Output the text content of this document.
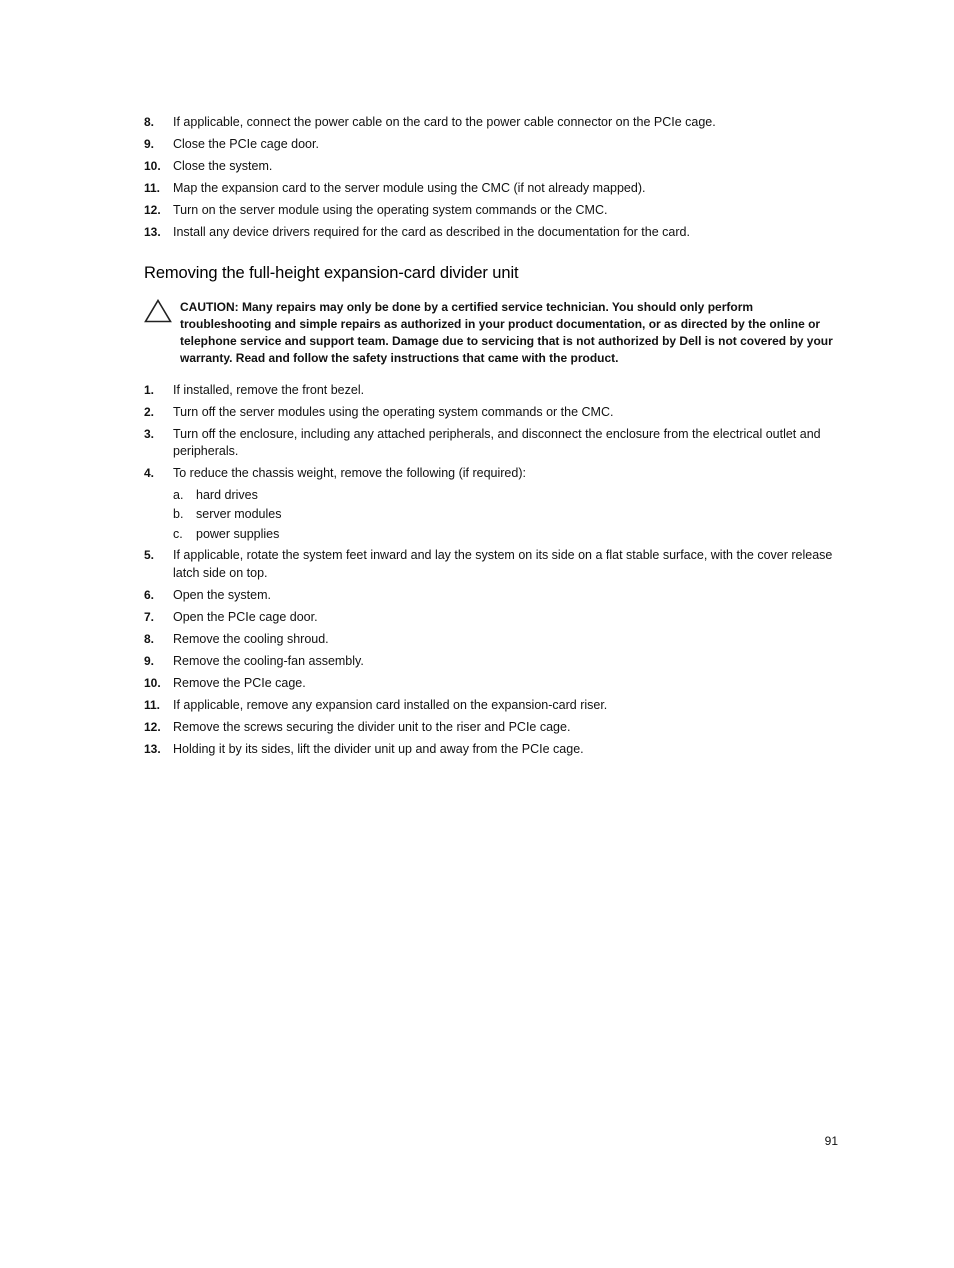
8. If applicable, connect the power cable on the card to the power cable connector on the PCIe cage.
9. Close the PCIe cage door.
10. Close the system.
11. Map the expansion card to the server module using the CMC (if not already mapped).
12. Turn on the server module using the operating system commands or the CMC.
13. Install any device drivers required for the card as described in the documentation for the card.
Removing the full-height expansion-card divider unit
CAUTION: Many repairs may only be done by a certified service technician. You should only perform troubleshooting and simple repairs as authorized in your product documentation, or as directed by the online or telephone service and support team. Damage due to servicing that is not authorized by Dell is not covered by your warranty. Read and follow the safety instructions that came with the product.
1. If installed, remove the front bezel.
2. Turn off the server modules using the operating system commands or the CMC.
3. Turn off the enclosure, including any attached peripherals, and disconnect the enclosure from the electrical outlet and peripherals.
4. To reduce the chassis weight, remove the following (if required):
a. hard drives
b. server modules
c. power supplies
5. If applicable, rotate the system feet inward and lay the system on its side on a flat stable surface, with the cover release latch side on top.
6. Open the system.
7. Open the PCIe cage door.
8. Remove the cooling shroud.
9. Remove the cooling-fan assembly.
10. Remove the PCIe cage.
11. If applicable, remove any expansion card installed on the expansion-card riser.
12. Remove the screws securing the divider unit to the riser and PCIe cage.
13. Holding it by its sides, lift the divider unit up and away from the PCIe cage.
91
